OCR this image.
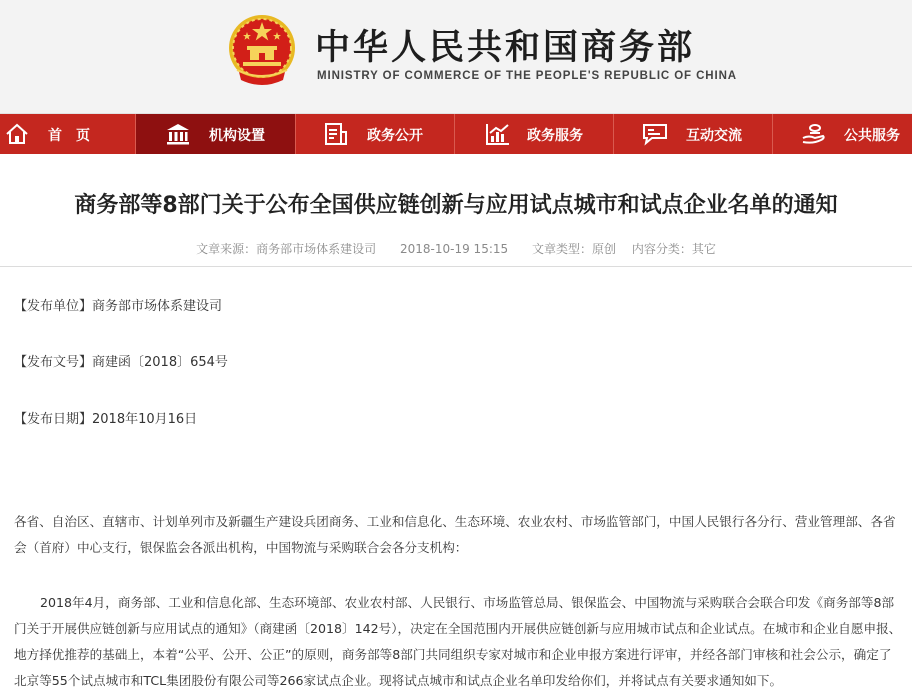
中华人民共和国商务部
MINISTRY OF COMMERCE OF THE PEOPLE'S REPUBLIC OF CHINA
首　页	机构设置	政务公开	政务服务	互动交流	公共服务
商务部等8部门关于公布全国供应链创新与应用试点城市和试点企业名单的通知
文章来源：商务部市场体系建设司 2018-10-19 15:15 文章类型：原创 内容分类：其它
【发布单位】商务部市场体系建设司
【发布文号】商建函〔2018〕654号
【发布日期】2018年10月16日
各省、自治区、直辖市、计划单列市及新疆生产建设兵团商务、工业和信息化、生态环境、农业农村、市场监管部门，中国人民银行各分行、营业管理部、各省会（首府）中心支行，银保监会各派出机构，中国物流与采购联合会各分支机构：
2018年4月，商务部、工业和信息化部、生态环境部、农业农村部、人民银行、市场监管总局、银保监会、中国物流与采购联合会联合印发《商务部等8部门关于开展供应链创新与应用试点的通知》（商建函〔2018〕142号），决定在全国范围内开展供应链创新与应用城市试点和企业试点。在城市和企业自愿申报、地方择优推荐的基础上，本着“公平、公开、公正”的原则，商务部等8部门共同组织专家对城市和企业申报方案进行评审，并经各部门审核和社会公示，确定了北京等55个试点城市和TCL集团股份有限公司等266家试点企业。现将试点城市和试点企业名单印发给你们，并将试点有关要求通知如下。
